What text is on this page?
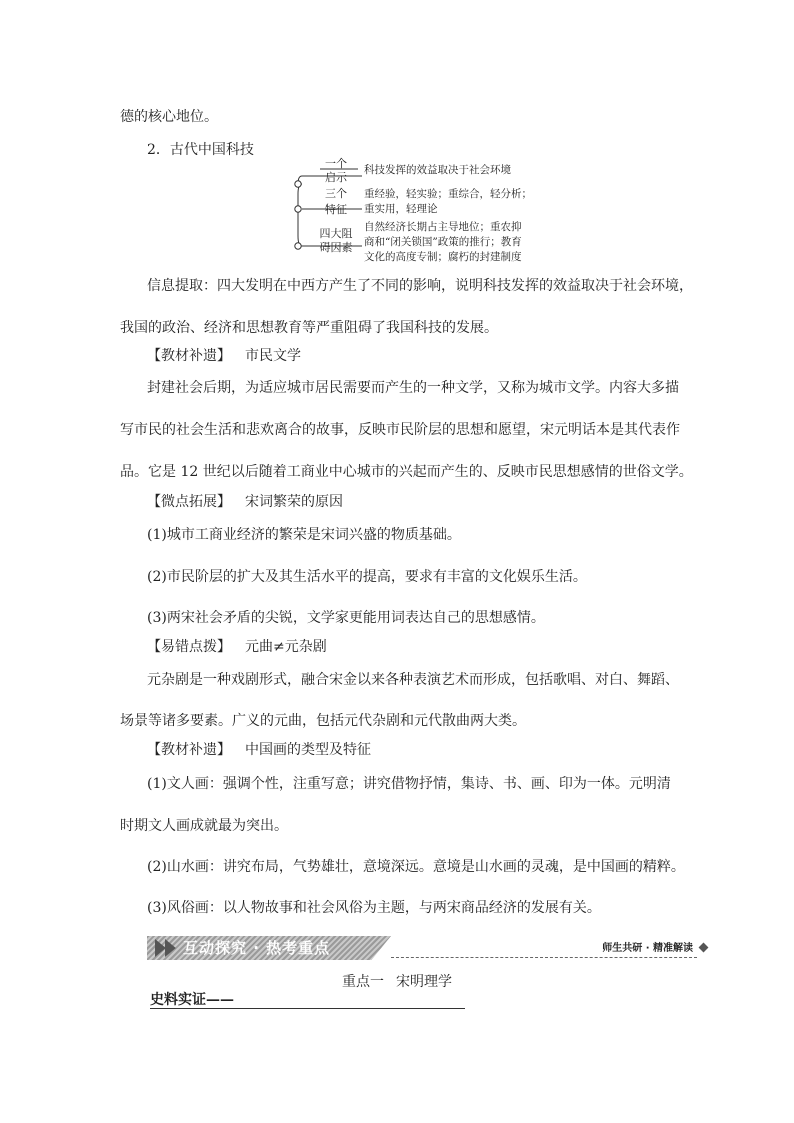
德的核心地位。
2．古代中国科技
一个
启示
三个
特征
四大阻
碍因素
科技发挥的效益取决于社会环境
重经验，轻实验；重综合，轻分析；
重实用，轻理论
自然经济长期占主导地位；重农抑
商和“闭关锁国”政策的推行；教育
文化的高度专制；腐朽的封建制度
信息提取：四大发明在中西方产生了不同的影响，说明科技发挥的效益取决于社会环境，
我国的政治、经济和思想教育等严重阻碍了我国科技的发展。
【教材补遗】 市民文学
封建社会后期，为适应城市居民需要而产生的一种文学，又称为城市文学。内容大多描
写市民的社会生活和悲欢离合的故事，反映市民阶层的思想和愿望，宋元明话本是其代表作
品。它是 12 世纪以后随着工商业中心城市的兴起而产生的、反映市民思想感情的世俗文学。
【微点拓展】 宋词繁荣的原因
(1)城市工商业经济的繁荣是宋词兴盛的物质基础。
(2)市民阶层的扩大及其生活水平的提高，要求有丰富的文化娱乐生活。
(3)两宋社会矛盾的尖锐，文学家更能用词表达自己的思想感情。
【易错点拨】 元曲≠元杂剧
元杂剧是一种戏剧形式，融合宋金以来各种表演艺术而形成，包括歌唱、对白、舞蹈、
场景等诸多要素。广义的元曲，包括元代杂剧和元代散曲两大类。
【教材补遗】 中国画的类型及特征
(1)文人画：强调个性，注重写意；讲究借物抒情，集诗、书、画、印为一体。元明清
时期文人画成就最为突出。
(2)山水画：讲究布局，气势雄壮，意境深远。意境是山水画的灵魂，是中国画的精粹。
(3)风俗画：以人物故事和社会风俗为主题，与两宋商品经济的发展有关。
互动探究 · 热考重点	师生共研 · 精准解读
重点一 宋明理学
史料实证——
